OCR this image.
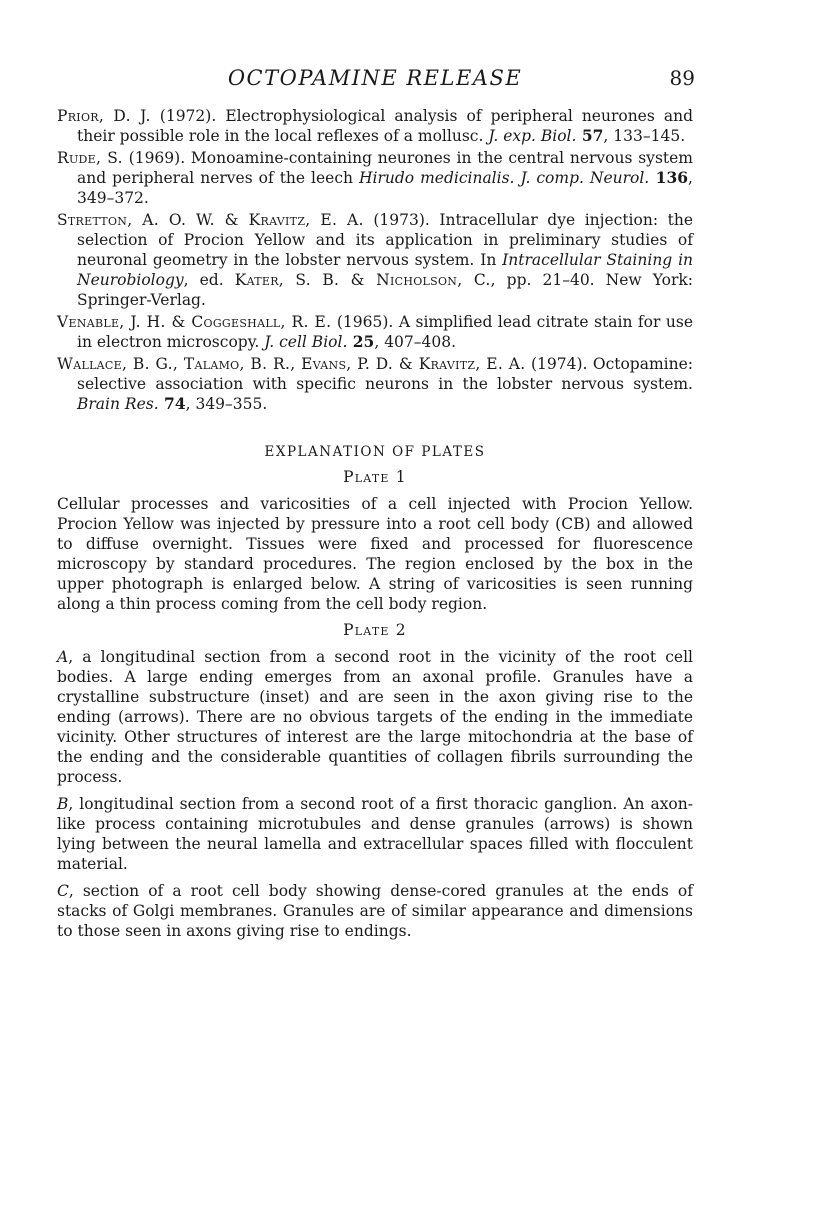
OCTOPAMINE RELEASE	89
Prior, D. J. (1972). Electrophysiological analysis of peripheral neurones and their possible role in the local reflexes of a mollusc. J. exp. Biol. 57, 133–145.
Rude, S. (1969). Monoamine-containing neurones in the central nervous system and peripheral nerves of the leech Hirudo medicinalis. J. comp. Neurol. 136, 349–372.
Stretton, A. O. W. & Kravitz, E. A. (1973). Intracellular dye injection: the selection of Procion Yellow and its application in preliminary studies of neuronal geometry in the lobster nervous system. In Intracellular Staining in Neurobiology, ed. Kater, S. B. & Nicholson, C., pp. 21–40. New York: Springer-Verlag.
Venable, J. H. & Coggeshall, R. E. (1965). A simplified lead citrate stain for use in electron microscopy. J. cell Biol. 25, 407–408.
Wallace, B. G., Talamo, B. R., Evans, P. D. & Kravitz, E. A. (1974). Octopamine: selective association with specific neurons in the lobster nervous system. Brain Res. 74, 349–355.
EXPLANATION OF PLATES
Plate 1

Cellular processes and varicosities of a cell injected with Procion Yellow. Procion Yellow was injected by pressure into a root cell body (CB) and allowed to diffuse overnight. Tissues were fixed and processed for fluorescence microscopy by standard procedures. The region enclosed by the box in the upper photograph is enlarged below. A string of varicosities is seen running along a thin process coming from the cell body region.

Plate 2

A, a longitudinal section from a second root in the vicinity of the root cell bodies. A large ending emerges from an axonal profile. Granules have a crystalline substructure (inset) and are seen in the axon giving rise to the ending (arrows). There are no obvious targets of the ending in the immediate vicinity. Other structures of interest are the large mitochondria at the base of the ending and the considerable quantities of collagen fibrils surrounding the process.

B, longitudinal section from a second root of a first thoracic ganglion. An axon-like process containing microtubules and dense granules (arrows) is shown lying between the neural lamella and extracellular spaces filled with flocculent material.

C, section of a root cell body showing dense-cored granules at the ends of stacks of Golgi membranes. Granules are of similar appearance and dimensions to those seen in axons giving rise to endings.
